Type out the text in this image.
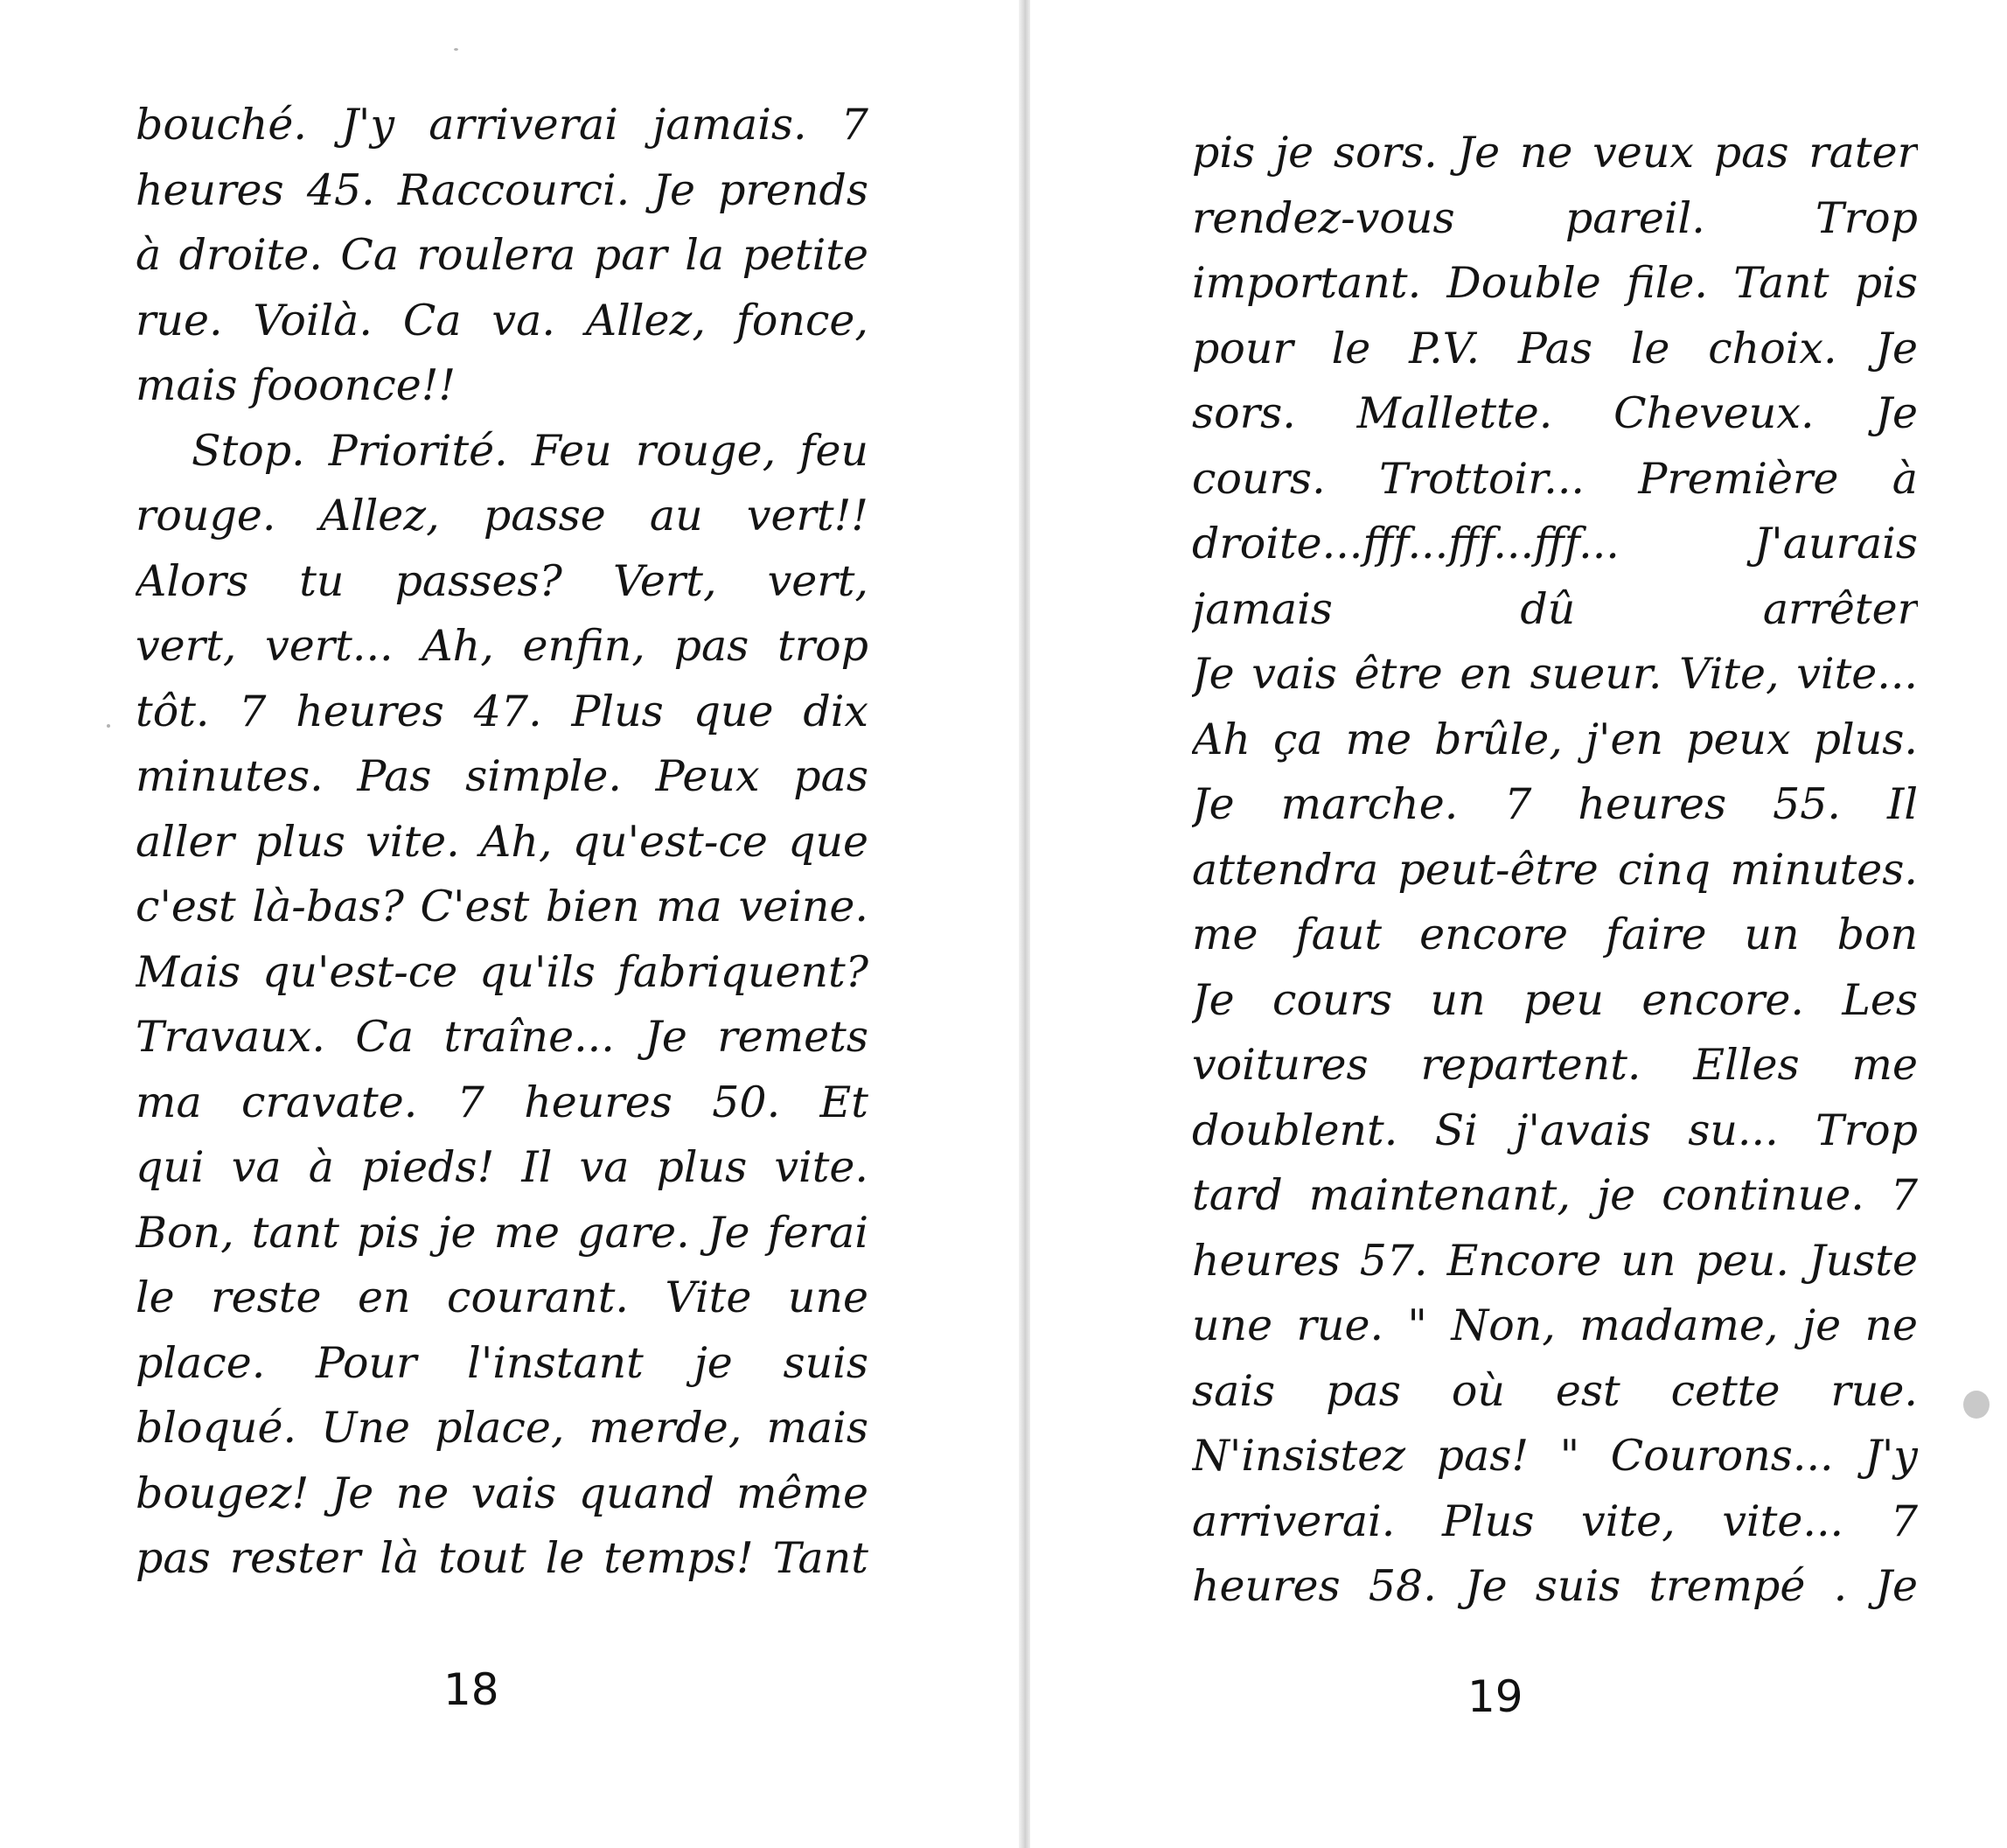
bouché. J'y arriverai jamais. 7
heures 45. Raccourci. Je prends
à droite. Ca roulera par la petite
rue. Voilà. Ca va. Allez, fonce,
mais fooonce!!
Stop. Priorité. Feu rouge, feu
rouge. Allez, passe au vert!!
Alors tu passes? Vert, vert,
vert, vert... Ah, enfin, pas trop
tôt. 7 heures 47. Plus que dix
minutes. Pas simple. Peux pas
aller plus vite. Ah, qu'est-ce que
c'est là-bas? C'est bien ma veine.
Mais qu'est-ce qu'ils fabriquent?
Travaux. Ca traîne... Je remets
ma cravate. 7 heures 50. Et
qui va à pieds! Il va plus vite.
Bon, tant pis je me gare. Je ferai
le reste en courant. Vite une
place. Pour l'instant je suis
bloqué. Une place, merde, mais
bougez! Je ne vais quand même
pas rester là tout le temps! Tant
18
pis je sors. Je ne veux pas rater
rendez-vous pareil. Trop
important. Double file. Tant pis
pour le P.V. Pas le choix. Je
sors. Mallette. Cheveux. Je
cours. Trottoir... Première à
droite...fff...fff...fff... J'aurais
jamais dû arrêter
Je vais être en sueur. Vite, vite...
Ah ça me brûle, j'en peux plus.
Je marche. 7 heures 55. Il
attendra peut-être cinq minutes.
me faut encore faire un bon
Je cours un peu encore. Les
voitures repartent. Elles me
doublent. Si j'avais su... Trop
tard maintenant, je continue. 7
heures 57. Encore un peu. Juste
une rue. " Non, madame, je ne
sais pas où est cette rue.
N'insistez pas! " Courons... J'y
arriverai. Plus vite, vite... 7
heures 58. Je suis trempé . Je
19
